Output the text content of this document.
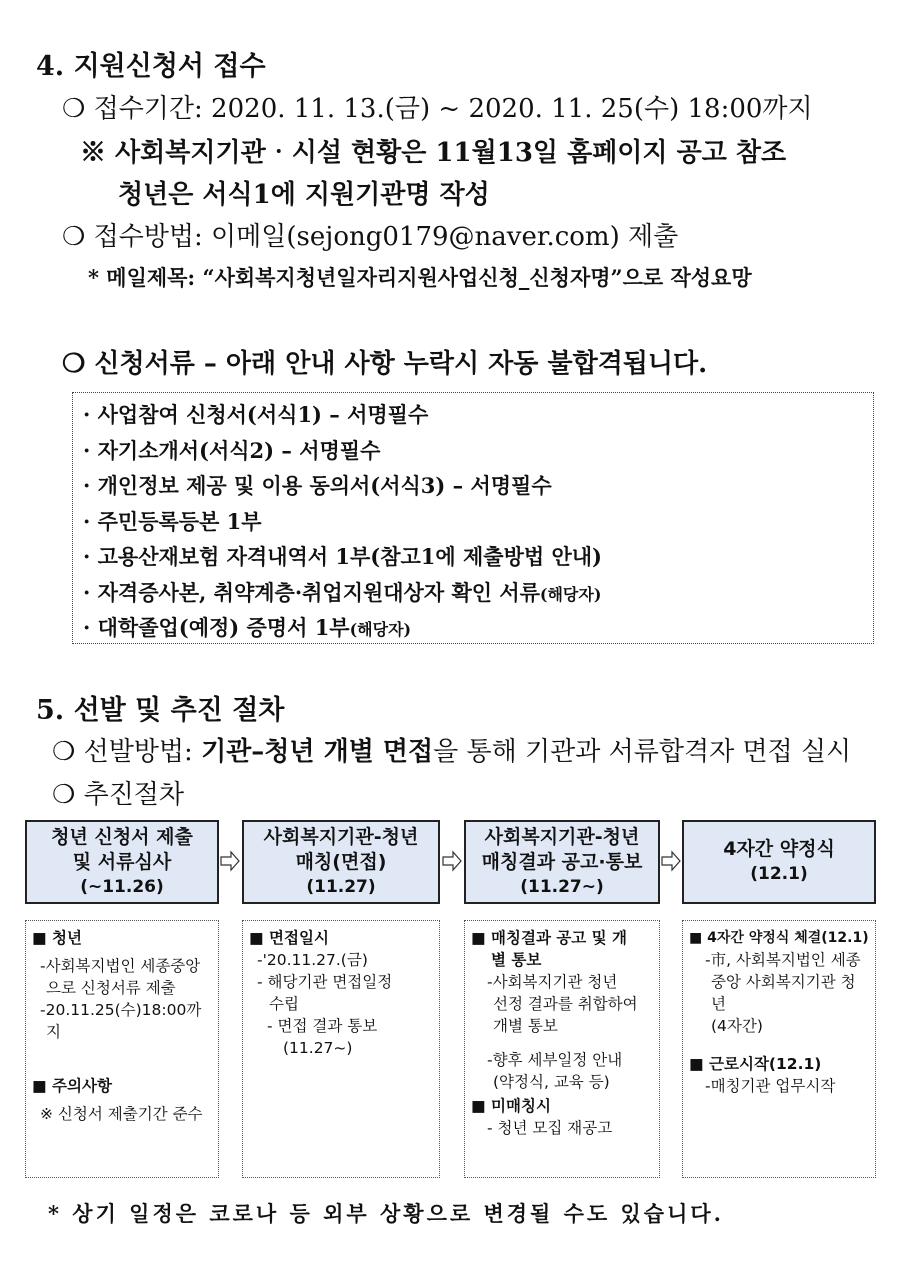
4. 지원신청서 접수
❍ 접수기간: 2020. 11. 13.(금) ~ 2020. 11. 25(수) 18:00까지
※ 사회복지기관‧시설 현황은 11월13일 홈페이지 공고 참조
청년은 서식1에 지원기관명 작성
❍ 접수방법: 이메일(sejong0179@naver.com) 제출
* 메일제목: “사회복지청년일자리지원사업신청_신청자명”으로 작성요망
❍ 신청서류 – 아래 안내 사항 누락시 자동 불합격됩니다.
· 사업참여 신청서(서식1) – 서명필수
· 자기소개서(서식2) – 서명필수
· 개인정보 제공 및 이용 동의서(서식3) – 서명필수
· 주민등록등본 1부
· 고용산재보험 자격내역서 1부(참고1에 제출방법 안내)
· 자격증사본, 취약계층·취업지원대상자 확인 서류(해당자)
· 대학졸업(예정) 증명서 1부(해당자)
5. 선발 및 추진 절차
❍ 선발방법: 기관–청년 개별 면접을 통해 기관과 서류합격자 면접 실시
❍ 추진절차
청년 신청서 제출
및 서류심사
(~11.26)
사회복지기관-청년
매칭(면접)
(11.27)
사회복지기관-청년
매칭결과 공고·통보
(11.27~)
4자간 약정식
(12.1)
■ 청년
-사회복지법인 세종중앙
으로 신청서류 제출
-20.11.25(수)18:00까
지
■ 주의사항
※ 신청서 제출기간 준수
■ 면접일시
-'20.11.27.(금)
- 해당기관 면접일정
수립
- 면접 결과 통보
(11.27~)
■ 매칭결과 공고 및 개
별 통보
-사회복지기관 청년
선정 결과를 취합하여
개별 통보
-향후 세부일정 안내
(약정식, 교육 등)
■ 미매칭시
- 청년 모집 재공고
■ 4자간 약정식 체결(12.1)
-市, 사회복지법인 세종
중앙 사회복지기관 청년
(4자간)
■ 근로시작(12.1)
-매칭기관 업무시작
* 상기 일정은 코로나 등 외부 상황으로 변경될 수도 있습니다.
